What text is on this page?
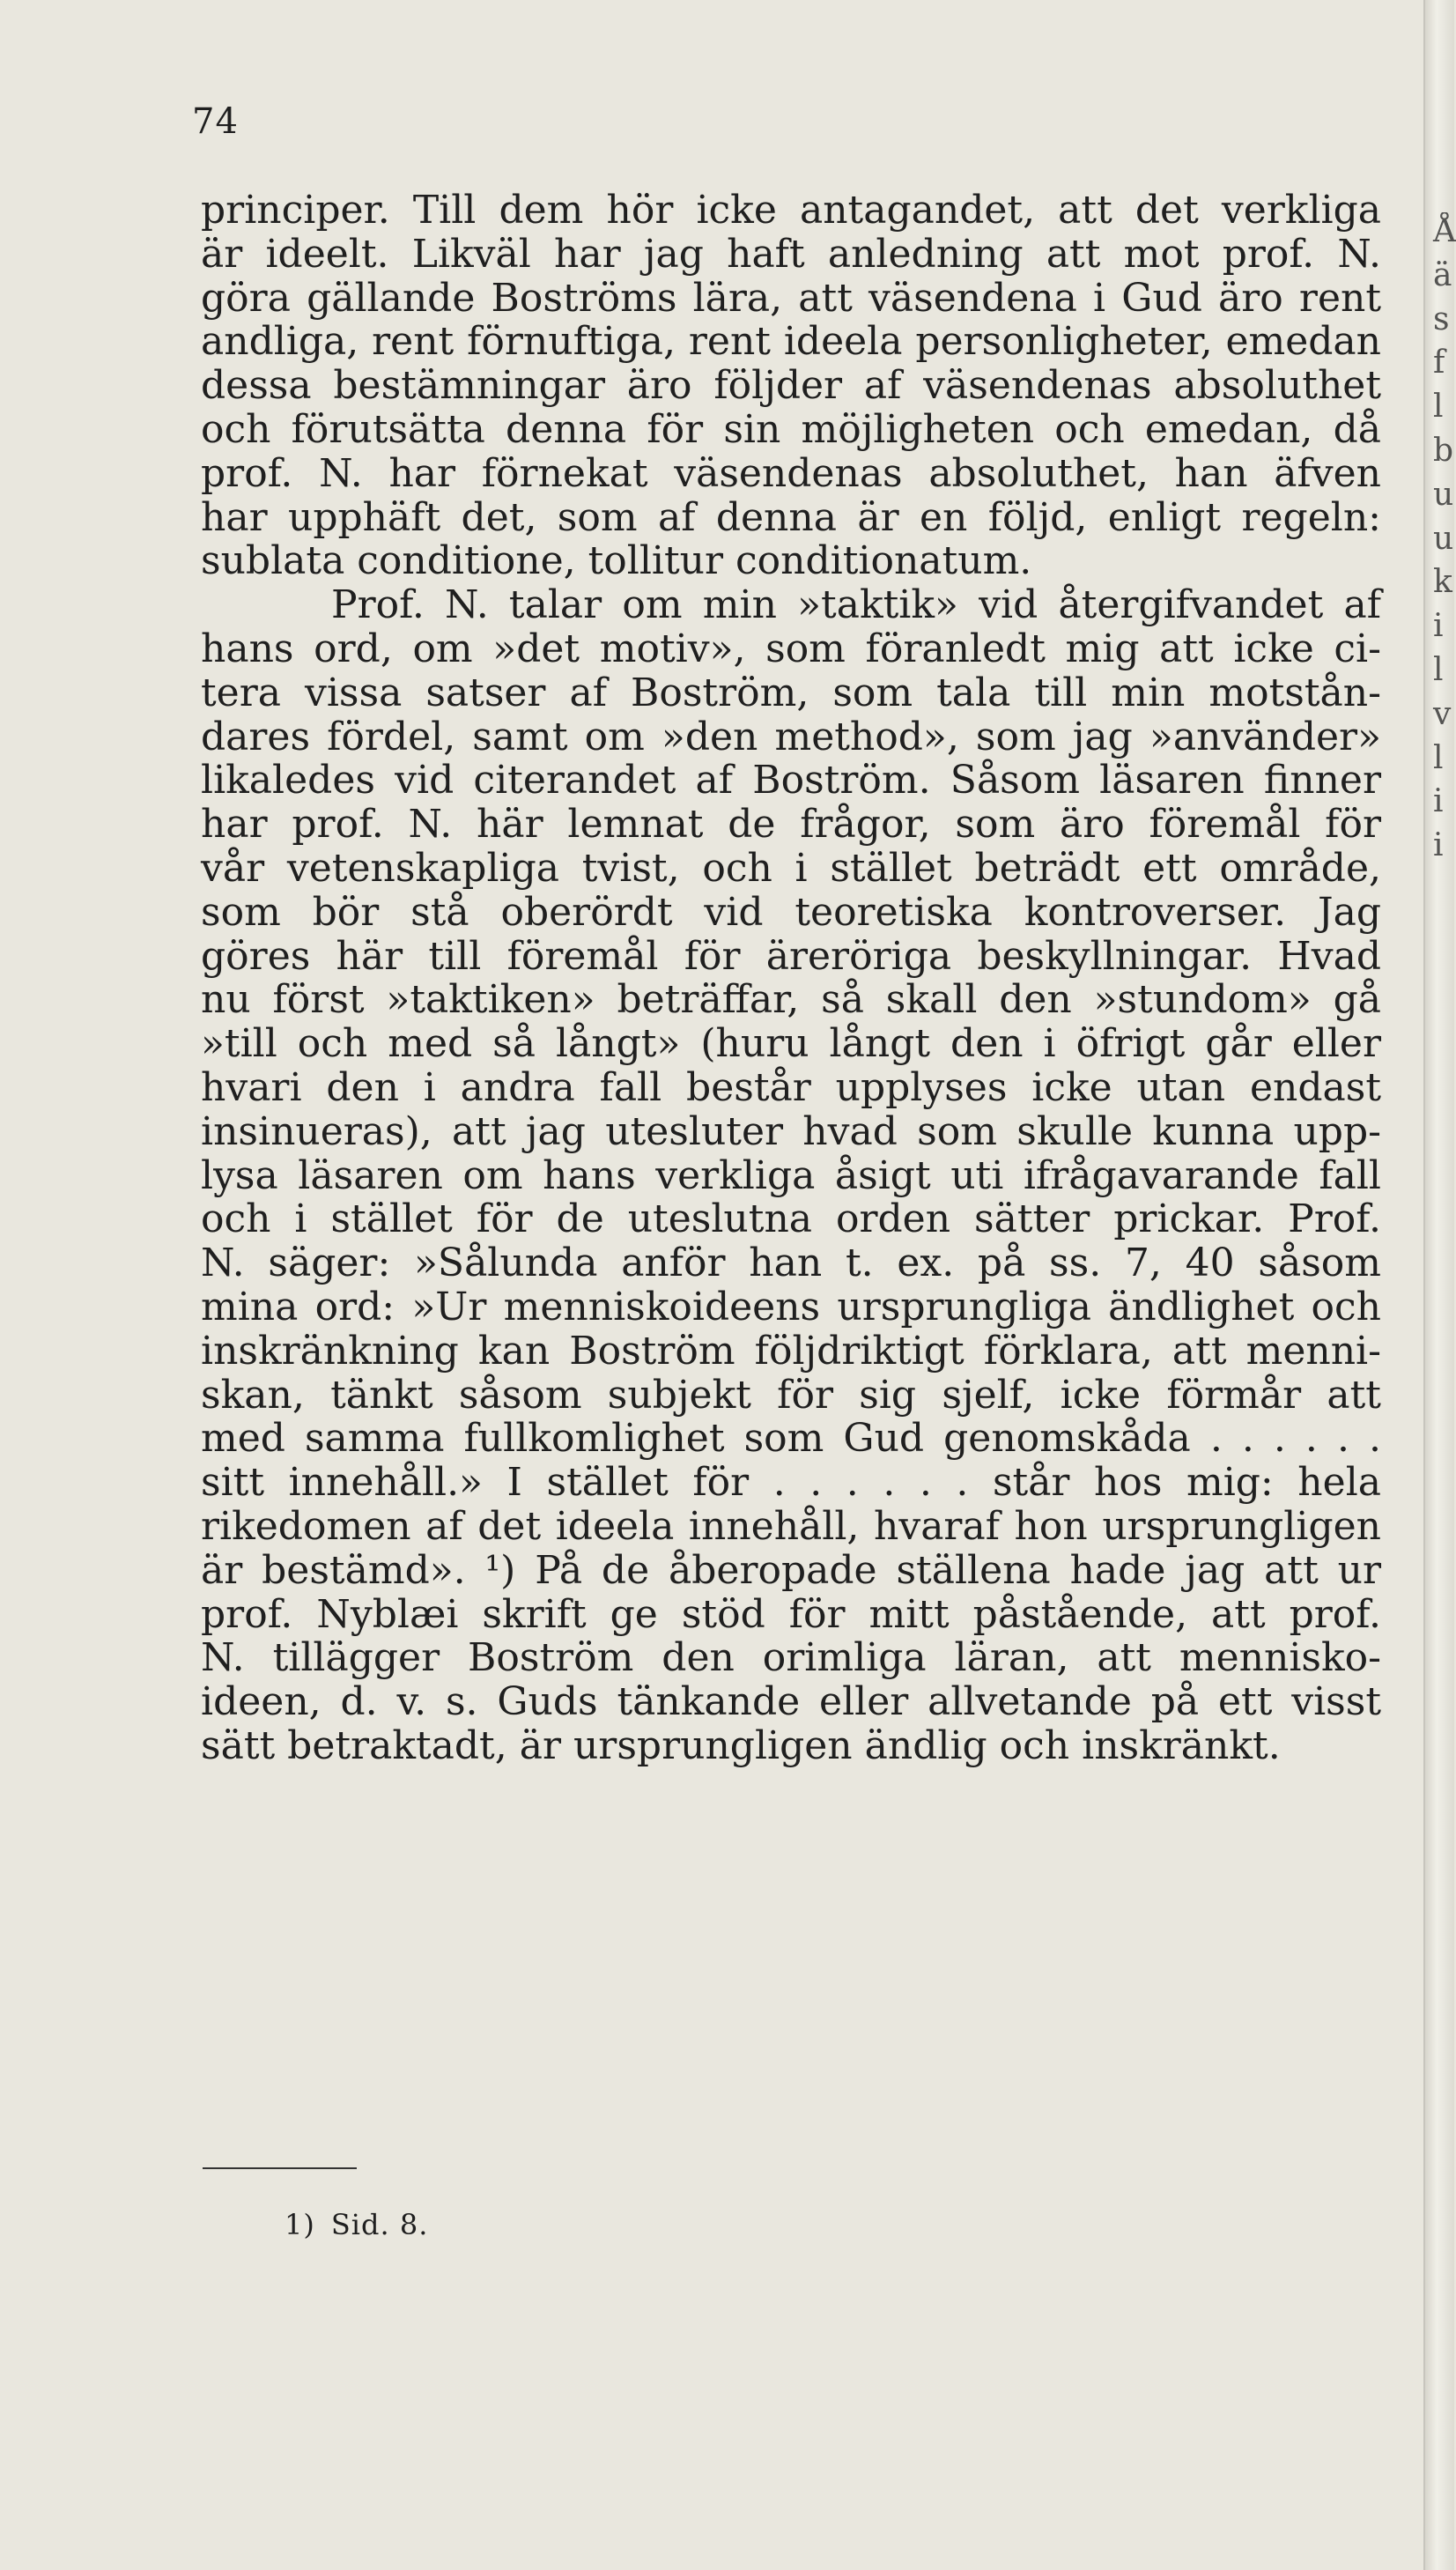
74
principer. Till dem hör icke antagandet, att det verkliga
är ideelt. Likväl har jag haft anledning att mot prof. N.
göra gällande Boströms lära, att väsendena i Gud äro rent
andliga, rent förnuftiga, rent ideela personligheter, emedan
dessa bestämningar äro följder af väsendenas absoluthet
och förutsätta denna för sin möjligheten och emedan, då
prof. N. har förnekat väsendenas absoluthet, han äfven
har upphäft det, som af denna är en följd, enligt regeln:
sublata conditione, tollitur conditionatum.
Prof. N. talar om min »taktik» vid återgifvandet af
hans ord, om »det motiv», som föranledt mig att icke ci-
tera vissa satser af Boström, som tala till min motstån-
dares fördel, samt om »den method», som jag »använder»
likaledes vid citerandet af Boström. Såsom läsaren finner
har prof. N. här lemnat de frågor, som äro föremål för
vår vetenskapliga tvist, och i stället beträdt ett område,
som bör stå oberördt vid teoretiska kontroverser. Jag
göres här till föremål för äreröriga beskyllningar. Hvad
nu först »taktiken» beträffar, så skall den »stundom» gå
»till och med så långt» (huru långt den i öfrigt går eller
hvari den i andra fall består upplyses icke utan endast
insinueras), att jag utesluter hvad som skulle kunna upp-
lysa läsaren om hans verkliga åsigt uti ifrågavarande fall
och i stället för de uteslutna orden sätter prickar. Prof.
N. säger: »Sålunda anför han t. ex. på ss. 7, 40 såsom
mina ord: »Ur menniskoideens ursprungliga ändlighet och
inskränkning kan Boström följdriktigt förklara, att menni-
skan, tänkt såsom subjekt för sig sjelf, icke förmår att
med samma fullkomlighet som Gud genomskåda . . . . . .
sitt innehåll.» I stället för . . . . . . står hos mig: hela
rikedomen af det ideela innehåll, hvaraf hon ursprungligen
är bestämd». ¹) På de åberopade ställena hade jag att ur
prof. Nyblæi skrift ge stöd för mitt påstående, att prof.
N. tillägger Boström den orimliga läran, att mennisko-
ideen, d. v. s. Guds tänkande eller allvetande på ett visst
sätt betraktadt, är ursprungligen ändlig och inskränkt.
1) Sid. 8.
Å
ä
s
f
l
b
u
u
k
i
l
v
l
i
i
